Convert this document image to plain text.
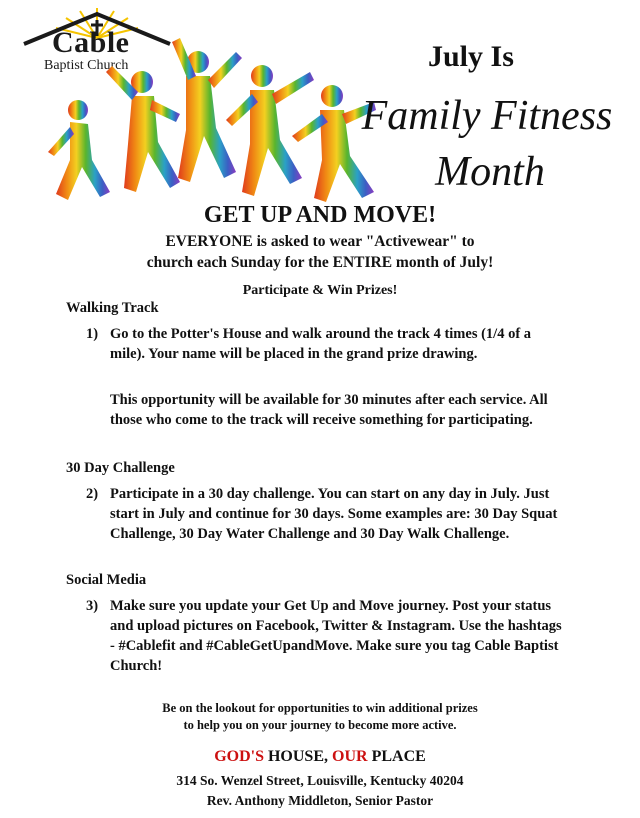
Cable
Baptist Church	July Is
Family Fitness
Month
GET UP AND MOVE!
EVERYONE is asked to wear "Activewear" to
church each Sunday for the ENTIRE month of July!
Participate & Win Prizes!
Walking Track
1) Go to the Potter's House and walk around the track 4 times (1/4 of a mile). Your name will be placed in the grand prize drawing.
This opportunity will be available for 30 minutes after each service. All those who come to the track will receive something for participating.
30 Day Challenge
2) Participate in a 30 day challenge. You can start on any day in July. Just start in July and continue for 30 days. Some examples are: 30 Day Squat Challenge, 30 Day Water Challenge and 30 Day Walk Challenge.
Social Media
3) Make sure you update your Get Up and Move journey. Post your status and upload pictures on Facebook, Twitter & Instagram. Use the hashtags - #Cablefit and #CableGetUpandMove. Make sure you tag Cable Baptist Church!
Be on the lookout for opportunities to win additional prizes
to help you on your journey to become more active.
GOD'S HOUSE, OUR PLACE
314 So. Wenzel Street, Louisville, Kentucky 40204
Rev. Anthony Middleton, Senior Pastor
